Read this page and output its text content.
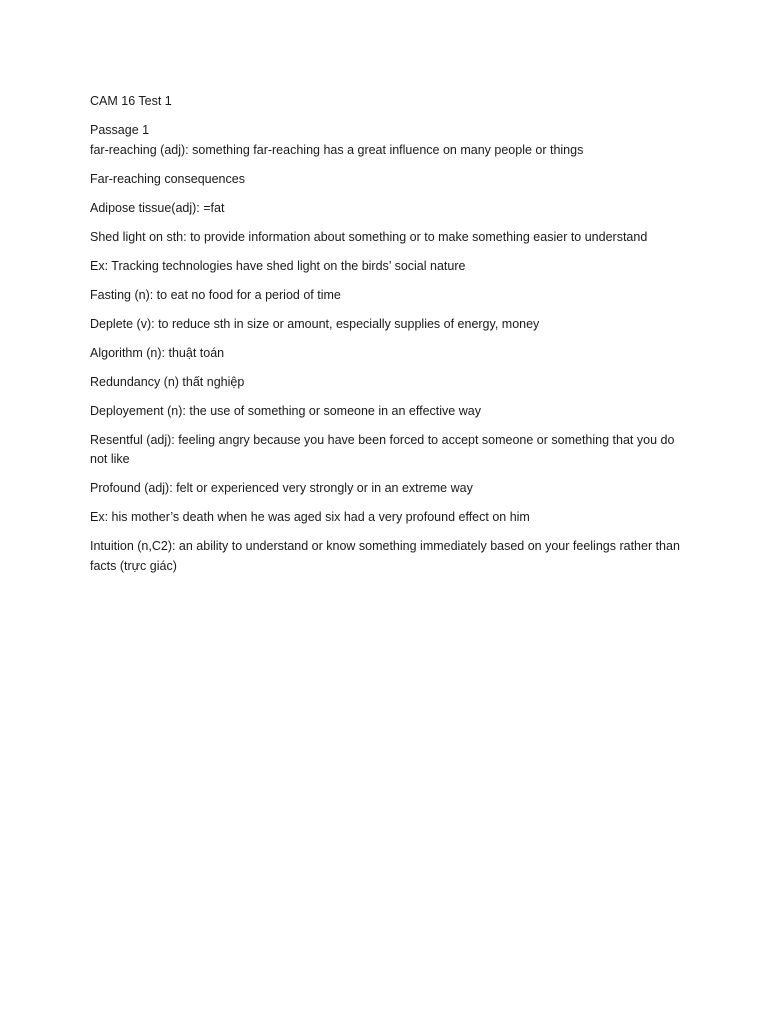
CAM 16 Test 1

Passage 1

far-reaching (adj): something far-reaching has a great influence on many people or things

Far-reaching consequences

Adipose tissue(adj): =fat

Shed light on sth: to provide information about something or to make something easier to understand

Ex: Tracking technologies have shed light on the birds’ social nature

Fasting (n): to eat no food for a period of time

Deplete (v): to reduce sth in size or amount, especially supplies of energy, money

Algorithm (n): thuật toán

Redundancy (n) thất nghiệp

Deployement (n): the use of something or someone in an effective way

Resentful (adj): feeling angry because you have been forced to accept someone or something that you do not like

Profound (adj): felt or experienced very strongly or in an extreme way

Ex: his mother’s death when he was aged six had a very profound effect on him

Intuition (n,C2): an ability to understand or know something immediately based on your feelings rather than facts (trực giác)
